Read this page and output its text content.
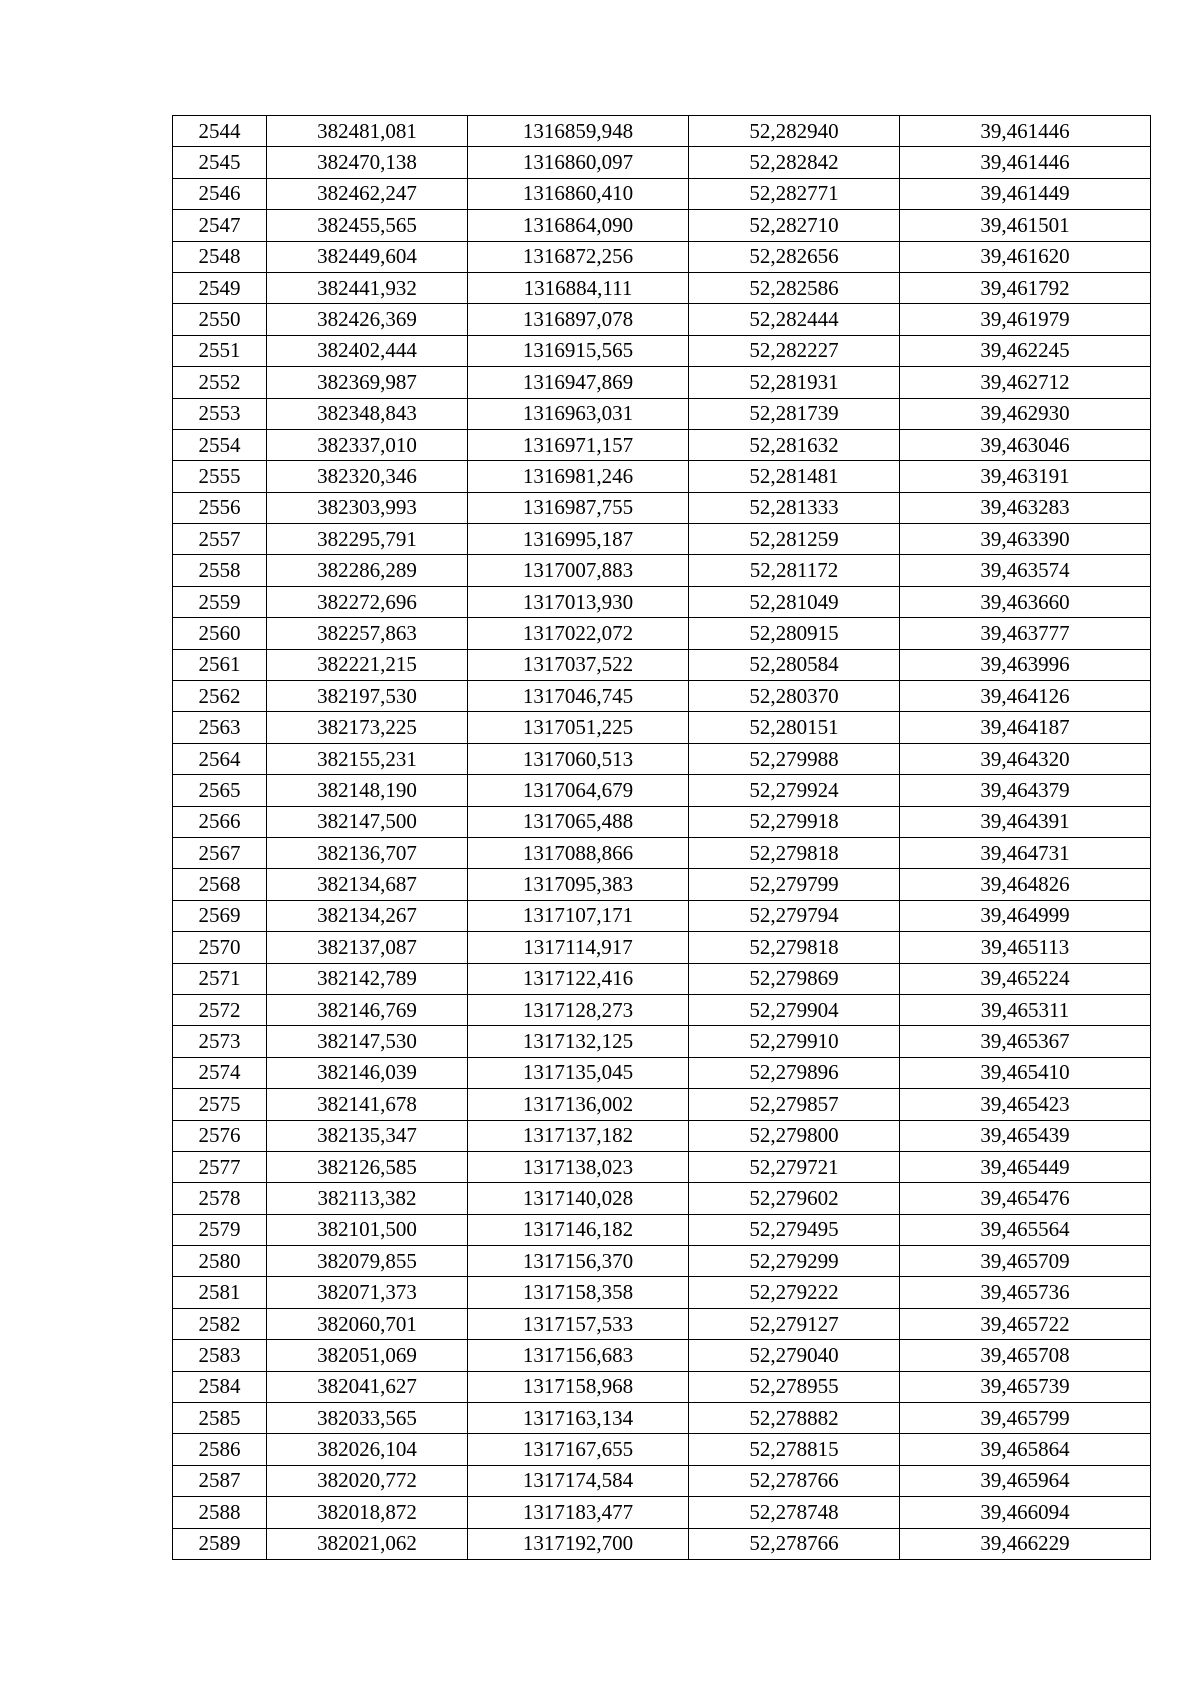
2544	382481,081	1316859,948	52,282940	39,461446
2545	382470,138	1316860,097	52,282842	39,461446
2546	382462,247	1316860,410	52,282771	39,461449
2547	382455,565	1316864,090	52,282710	39,461501
2548	382449,604	1316872,256	52,282656	39,461620
2549	382441,932	1316884,111	52,282586	39,461792
2550	382426,369	1316897,078	52,282444	39,461979
2551	382402,444	1316915,565	52,282227	39,462245
2552	382369,987	1316947,869	52,281931	39,462712
2553	382348,843	1316963,031	52,281739	39,462930
2554	382337,010	1316971,157	52,281632	39,463046
2555	382320,346	1316981,246	52,281481	39,463191
2556	382303,993	1316987,755	52,281333	39,463283
2557	382295,791	1316995,187	52,281259	39,463390
2558	382286,289	1317007,883	52,281172	39,463574
2559	382272,696	1317013,930	52,281049	39,463660
2560	382257,863	1317022,072	52,280915	39,463777
2561	382221,215	1317037,522	52,280584	39,463996
2562	382197,530	1317046,745	52,280370	39,464126
2563	382173,225	1317051,225	52,280151	39,464187
2564	382155,231	1317060,513	52,279988	39,464320
2565	382148,190	1317064,679	52,279924	39,464379
2566	382147,500	1317065,488	52,279918	39,464391
2567	382136,707	1317088,866	52,279818	39,464731
2568	382134,687	1317095,383	52,279799	39,464826
2569	382134,267	1317107,171	52,279794	39,464999
2570	382137,087	1317114,917	52,279818	39,465113
2571	382142,789	1317122,416	52,279869	39,465224
2572	382146,769	1317128,273	52,279904	39,465311
2573	382147,530	1317132,125	52,279910	39,465367
2574	382146,039	1317135,045	52,279896	39,465410
2575	382141,678	1317136,002	52,279857	39,465423
2576	382135,347	1317137,182	52,279800	39,465439
2577	382126,585	1317138,023	52,279721	39,465449
2578	382113,382	1317140,028	52,279602	39,465476
2579	382101,500	1317146,182	52,279495	39,465564
2580	382079,855	1317156,370	52,279299	39,465709
2581	382071,373	1317158,358	52,279222	39,465736
2582	382060,701	1317157,533	52,279127	39,465722
2583	382051,069	1317156,683	52,279040	39,465708
2584	382041,627	1317158,968	52,278955	39,465739
2585	382033,565	1317163,134	52,278882	39,465799
2586	382026,104	1317167,655	52,278815	39,465864
2587	382020,772	1317174,584	52,278766	39,465964
2588	382018,872	1317183,477	52,278748	39,466094
2589	382021,062	1317192,700	52,278766	39,466229
